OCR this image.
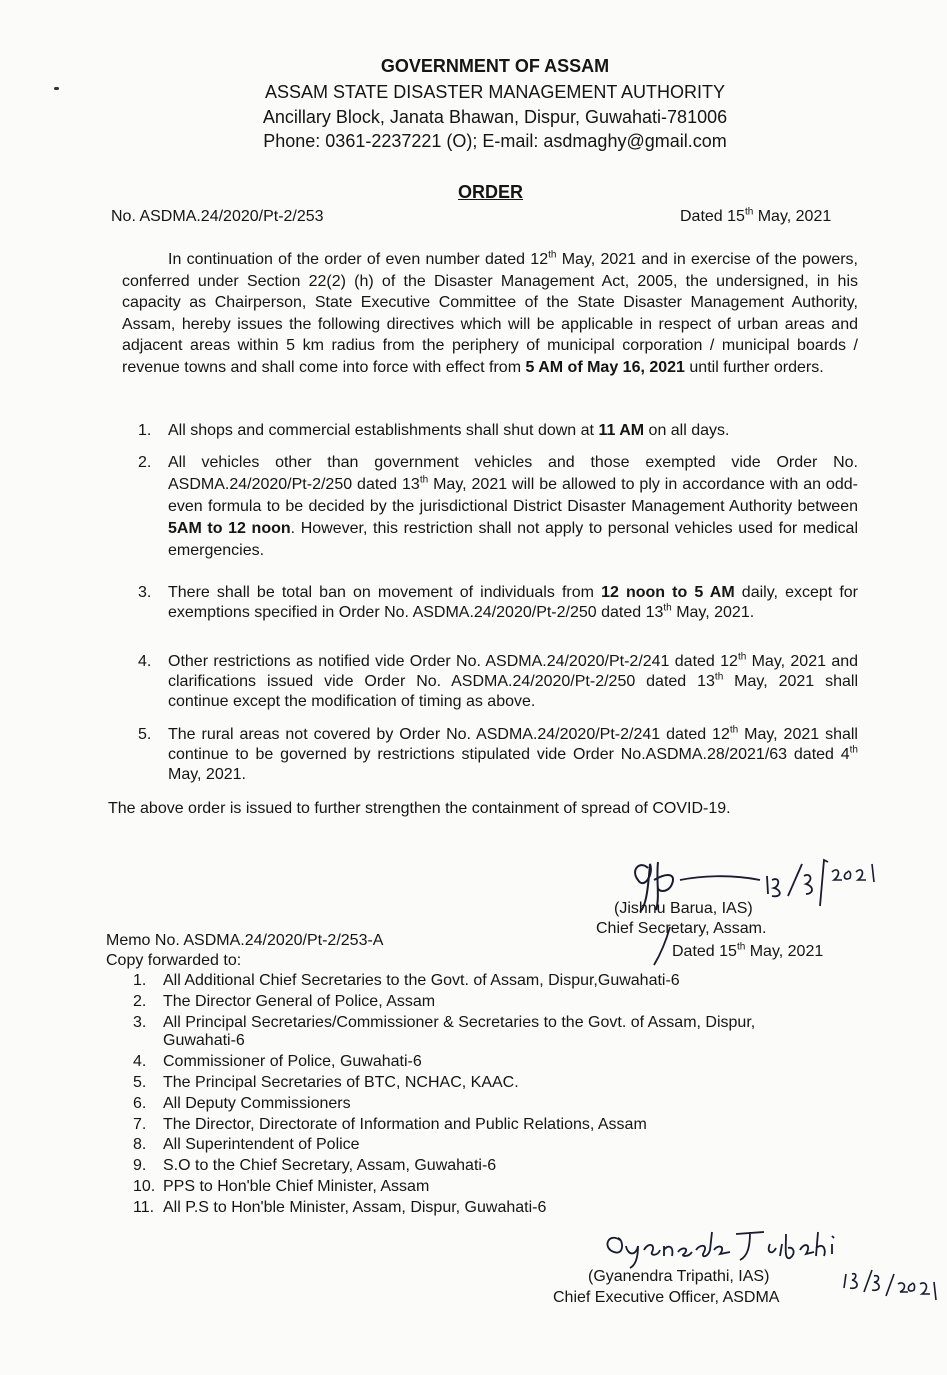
GOVERNMENT OF ASSAM
ASSAM STATE DISASTER MANAGEMENT AUTHORITY
Ancillary Block, Janata Bhawan, Dispur, Guwahati-781006
Phone: 0361-2237221 (O); E-mail: asdmaghy@gmail.com
ORDER
No. ASDMA.24/2020/Pt-2/253	Dated 15th May, 2021
In continuation of the order of even number dated 12th May, 2021 and in exercise of the powers, conferred under Section 22(2) (h) of the Disaster Management Act, 2005, the undersigned, in his capacity as Chairperson, State Executive Committee of the State Disaster Management Authority, Assam, hereby issues the following directives which will be applicable in respect of urban areas and adjacent areas within 5 km radius from the periphery of municipal corporation / municipal boards / revenue towns and shall come into force with effect from 5 AM of May 16, 2021 until further orders.
1.	All shops and commercial establishments shall shut down at 11 AM on all days.
2.	All vehicles other than government vehicles and those exempted vide Order No. ASDMA.24/2020/Pt-2/250 dated 13th May, 2021 will be allowed to ply in accordance with an odd- even formula to be decided by the jurisdictional District Disaster Management Authority between 5AM to 12 noon. However, this restriction shall not apply to personal vehicles used for medical emergencies.
3.	There shall be total ban on movement of individuals from 12 noon to 5 AM daily, except for exemptions specified in Order No. ASDMA.24/2020/Pt-2/250 dated 13th May, 2021.
4.	Other restrictions as notified vide Order No. ASDMA.24/2020/Pt-2/241 dated 12th May, 2021 and clarifications issued vide Order No. ASDMA.24/2020/Pt-2/250 dated 13th May, 2021 shall continue except the modification of timing as above.
5.	The rural areas not covered by Order No. ASDMA.24/2020/Pt-2/241 dated 12th May, 2021 shall continue to be governed by restrictions stipulated vide Order No.ASDMA.28/2021/63 dated 4th May, 2021.
The above order is issued to further strengthen the containment of spread of COVID-19.
(Jishnu Barua, IAS)
Chief Secretary, Assam.
Dated 15th May, 2021
Memo No. ASDMA.24/2020/Pt-2/253-A
Copy forwarded to:
1. All Additional Chief Secretaries to the Govt. of Assam, Dispur,Guwahati-6
2. The Director General of Police, Assam
3. All Principal Secretaries/Commissioner & Secretaries to the Govt. of Assam, Dispur,
Guwahati-6
4. Commissioner of Police, Guwahati-6
5. The Principal Secretaries of BTC, NCHAC, KAAC.
6. All Deputy Commissioners
7. The Director, Directorate of Information and Public Relations, Assam
8. All Superintendent of Police
9. S.O to the Chief Secretary, Assam, Guwahati-6
10. PPS to Hon'ble Chief Minister, Assam
11. All P.S to Hon'ble Minister, Assam, Dispur, Guwahati-6
(Gyanendra Tripathi, IAS)
Chief Executive Officer, ASDMA
